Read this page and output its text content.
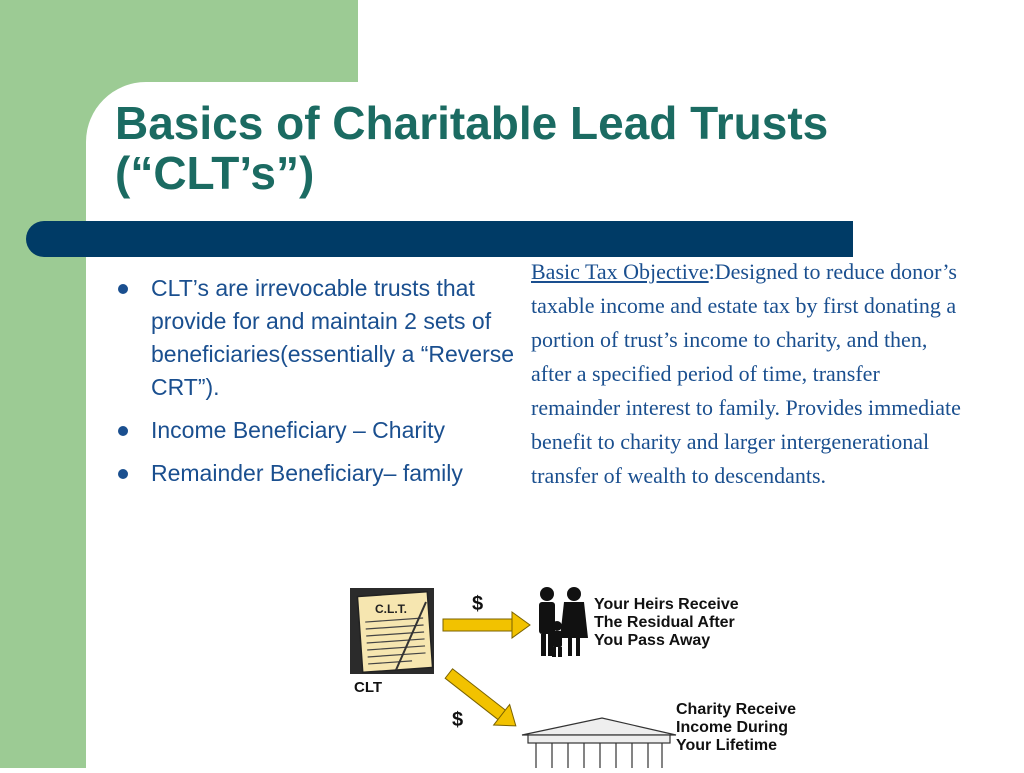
Basics of Charitable Lead Trusts
(“CLT’s”)
CLT’s are irrevocable trusts that provide for and maintain 2 sets of beneficiaries(essentially a “Reverse CRT”).
Income Beneficiary – Charity
Remainder Beneficiary– family
Basic Tax Objective:Designed to reduce donor’s taxable income and estate tax by first donating a portion of trust’s income to charity, and then, after a specified period of time, transfer remainder interest to family. Provides immediate benefit to charity and larger intergenerational transfer of wealth to descendants.
C.L.T.
CLT
$
$
Your Heirs Receive
The Residual After
You Pass Away
Charity Receive
Income During
Your Lifetime
